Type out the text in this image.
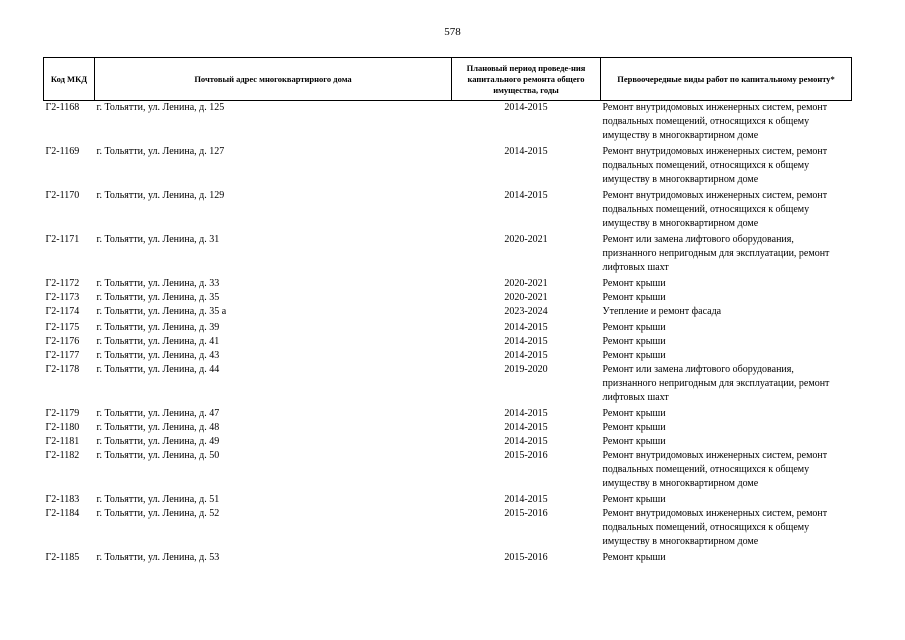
578
Код МКД	Почтовый адрес многоквартирного дома	Плановый период проведе-ния капитального ремонта общего имущества, годы	Первоочередные виды работ по капитальному ремонту*
Г2-1168	г. Тольятти, ул. Ленина, д. 125	2014-2015	Ремонт внутридомовых инженерных систем, ремонт подвальных помещений, относящихся к общему имуществу в многоквартирном доме
Г2-1169	г. Тольятти, ул. Ленина, д. 127	2014-2015	Ремонт внутридомовых инженерных систем, ремонт подвальных помещений, относящихся к общему имуществу в многоквартирном доме
Г2-1170	г. Тольятти, ул. Ленина, д. 129	2014-2015	Ремонт внутридомовых инженерных систем, ремонт подвальных помещений, относящихся к общему имуществу в многоквартирном доме
Г2-1171	г. Тольятти, ул. Ленина, д. 31	2020-2021	Ремонт или замена лифтового оборудования, признанного непригодным для эксплуатации, ремонт лифтовых шахт
Г2-1172	г. Тольятти, ул. Ленина, д. 33	2020-2021	Ремонт крыши
Г2-1173	г. Тольятти, ул. Ленина, д. 35	2020-2021	Ремонт крыши
Г2-1174	г. Тольятти, ул. Ленина, д. 35 а	2023-2024	Утепление и ремонт фасада
Г2-1175	г. Тольятти, ул. Ленина, д. 39	2014-2015	Ремонт крыши
Г2-1176	г. Тольятти, ул. Ленина, д. 41	2014-2015	Ремонт крыши
Г2-1177	г. Тольятти, ул. Ленина, д. 43	2014-2015	Ремонт крыши
Г2-1178	г. Тольятти, ул. Ленина, д. 44	2019-2020	Ремонт или замена лифтового оборудования, признанного непригодным для эксплуатации, ремонт лифтовых шахт
Г2-1179	г. Тольятти, ул. Ленина, д. 47	2014-2015	Ремонт крыши
Г2-1180	г. Тольятти, ул. Ленина, д. 48	2014-2015	Ремонт крыши
Г2-1181	г. Тольятти, ул. Ленина, д. 49	2014-2015	Ремонт крыши
Г2-1182	г. Тольятти, ул. Ленина, д. 50	2015-2016	Ремонт внутридомовых инженерных систем, ремонт подвальных помещений, относящихся к общему имуществу в многоквартирном доме
Г2-1183	г. Тольятти, ул. Ленина, д. 51	2014-2015	Ремонт крыши
Г2-1184	г. Тольятти, ул. Ленина, д. 52	2015-2016	Ремонт внутридомовых инженерных систем, ремонт подвальных помещений, относящихся к общему имуществу в многоквартирном доме
Г2-1185	г. Тольятти, ул. Ленина, д. 53	2015-2016	Ремонт крыши
